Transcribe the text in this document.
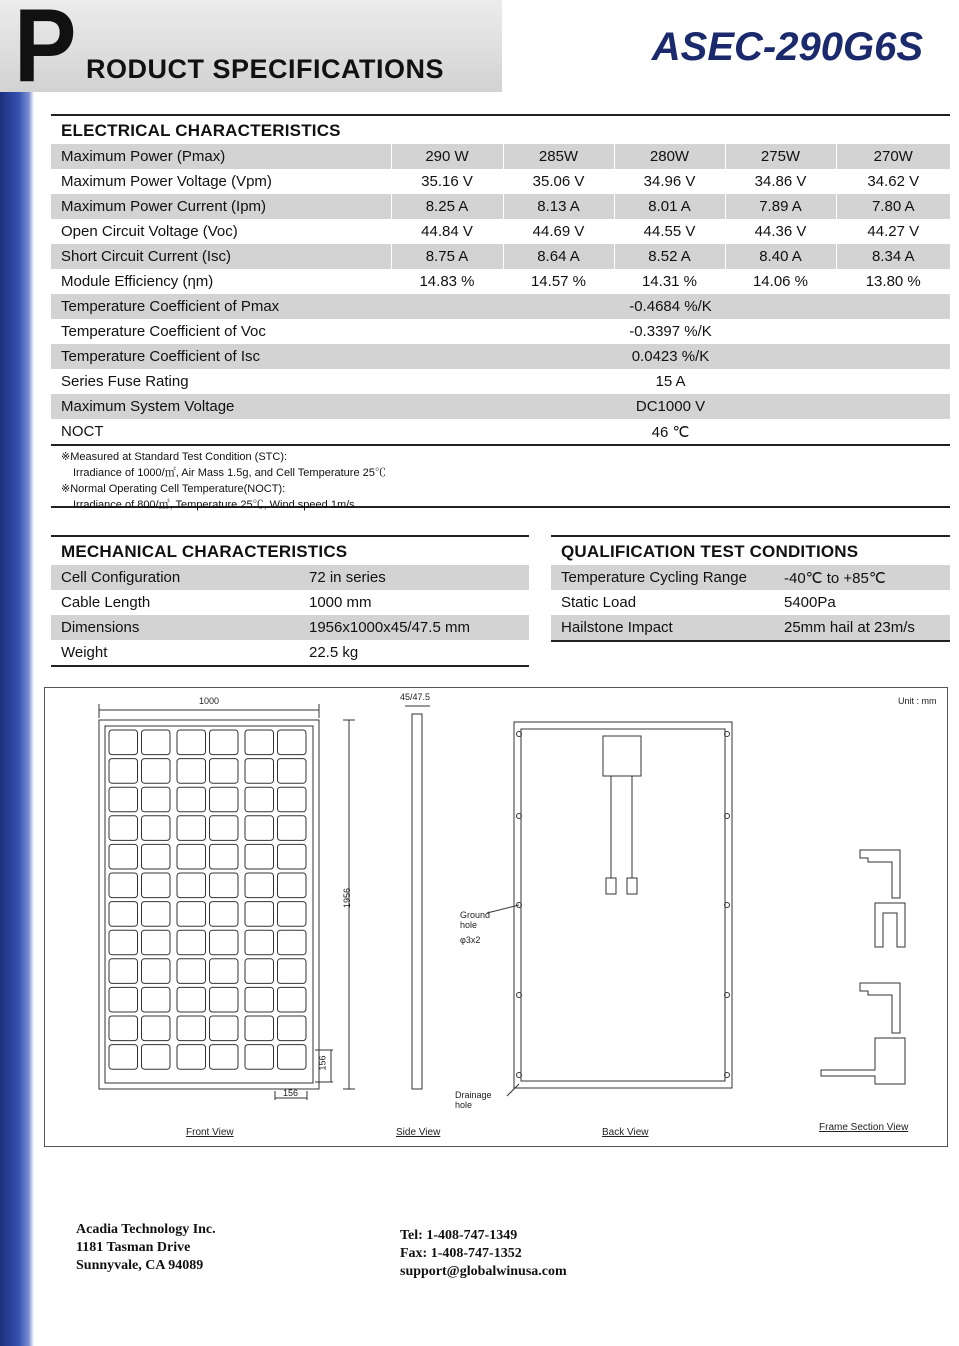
P RODUCT SPECIFICATIONS	ASEC-290G6S
ELECTRICAL CHARACTERISTICS
Maximum Power (Pmax)	290 W	285W	280W	275W	270W
Maximum Power Voltage (Vpm)	35.16 V	35.06 V	34.96 V	34.86 V	34.62 V
Maximum Power Current (Ipm)	8.25 A	8.13 A	8.01 A	7.89 A	7.80 A
Open Circuit Voltage (Voc)	44.84 V	44.69 V	44.55 V	44.36 V	44.27 V
Short Circuit Current (Isc)	8.75 A	8.64 A	8.52 A	8.40 A	8.34 A
Module Efficiency (ηm)	14.83 %	14.57 %	14.31 %	14.06 %	13.80 %
Temperature Coefficient of Pmax	-0.4684 %/K				
Temperature Coefficient of Voc	-0.3397 %/K				
Temperature Coefficient of Isc	0.0423 %/K				
Series Fuse Rating	15 A				
Maximum System Voltage	DC1000 V				
NOCT	46 ℃				
※Measured at Standard Test Condition (STC):
Irradiance of 1000/㎡, Air Mass 1.5g, and Cell Temperature 25℃
※Normal Operating Cell Temperature(NOCT):
Irradiance of 800/㎡, Temperature 25℃, Wind speed 1m/s
MECHANICAL CHARACTERISTICS
Cell Configuration	72 in series
Cable Length	1000 mm
Dimensions	1956x1000x45/47.5 mm
Weight	22.5 kg
QUALIFICATION TEST CONDITIONS
Temperature Cycling Range	-40℃ to +85℃
Static Load	5400Pa
Hailstone Impact	25mm hail at 23m/s
Unit : mm
1000
1956
45/47.5
156
156
Ground hole
φ3x2
Drainage hole
Front View	Side View	Back View	Frame Section View
Acadia Technology Inc.
1181 Tasman Drive
Sunnyvale, CA 94089
Tel: 1-408-747-1349
Fax: 1-408-747-1352
support@globalwinusa.com
